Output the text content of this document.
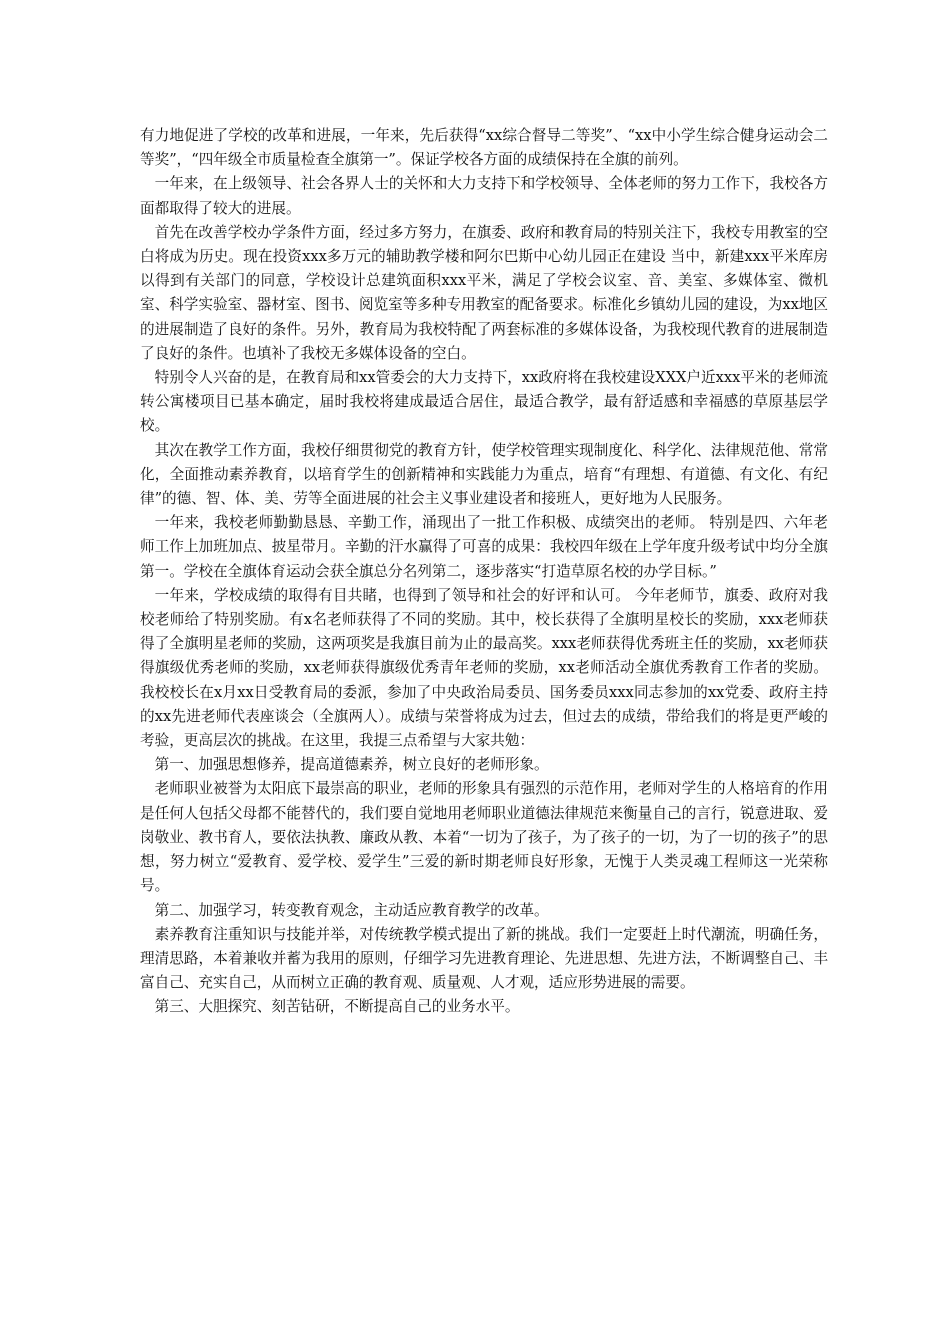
有力地促进了学校的改革和进展，一年来，先后获得“xx综合督导二等奖”、“xx中小学生综合健身运动会二等奖”，“四年级全市质量检查全旗第一”。保证学校各方面的成绩保持在全旗的前列。

一年来，在上级领导、社会各界人士的关怀和大力支持下和学校领导、全体老师的努力工作下，我校各方面都取得了较大的进展。

首先在改善学校办学条件方面，经过多方努力，在旗委、政府和教育局的特别关注下，我校专用教室的空白将成为历史。现在投资xxx多万元的辅助教学楼和阿尔巴斯中心幼儿园正在建设 当中，新建xxx平米库房以得到有关部门的同意，学校设计总建筑面积xxx平米，满足了学校会议室、音、美室、多媒体室、微机室、科学实验室、器材室、图书、阅览室等多种专用教室的配备要求。标准化乡镇幼儿园的建设，为xx地区的进展制造了良好的条件。另外，教育局为我校特配了两套标准的多媒体设备，为我校现代教育的进展制造了良好的条件。也填补了我校无多媒体设备的空白。

特别令人兴奋的是，在教育局和xx管委会的大力支持下，xx政府将在我校建设XXX户近xxx平米的老师流转公寓楼项目已基本确定，届时我校将建成最适合居住，最适合教学，最有舒适感和幸福感的草原基层学校。

其次在教学工作方面，我校仔细贯彻党的教育方针，使学校管理实现制度化、科学化、法律规范他、常常化，全面推动素养教育，以培育学生的创新精神和实践能力为重点，培育“有理想、有道德、有文化、有纪律”的德、智、体、美、劳等全面进展的社会主义事业建设者和接班人，更好地为人民服务。

一年来，我校老师勤勤恳恳、辛勤工作，涌现出了一批工作积极、成绩突出的老师。 特别是四、六年老师工作上加班加点、披星带月。辛勤的汗水赢得了可喜的成果：我校四年级在上学年度升级考试中均分全旗第一。学校在全旗体育运动会获全旗总分名列第二，逐步落实“打造草原名校的办学目标。”

一年来，学校成绩的取得有目共睹，也得到了领导和社会的好评和认可。 今年老师节，旗委、政府对我校老师给了特别奖励。有x名老师获得了不同的奖励。其中，校长获得了全旗明星校长的奖励，xxx老师获得了全旗明星老师的奖励，这两项奖是我旗目前为止的最高奖。xxx老师获得优秀班主任的奖励，xx老师获得旗级优秀老师的奖励，xx老师获得旗级优秀青年老师的奖励，xx老师活动全旗优秀教育工作者的奖励。我校校长在x月xx日受教育局的委派，参加了中央政治局委员、国务委员xxx同志参加的xx党委、政府主持的xx先进老师代表座谈会（全旗两人）。成绩与荣誉将成为过去，但过去的成绩，带给我们的将是更严峻的考验，更高层次的挑战。在这里，我提三点希望与大家共勉：

第一、加强思想修养，提高道德素养，树立良好的老师形象。

老师职业被誉为太阳底下最崇高的职业，老师的形象具有强烈的示范作用，老师对学生的人格培育的作用是任何人包括父母都不能替代的，我们要自觉地用老师职业道德法律规范来衡量自己的言行，锐意进取、爱岗敬业、教书育人，要依法执教、廉政从教、本着“一切为了孩子，为了孩子的一切，为了一切的孩子”的思想，努力树立“爱教育、爱学校、爱学生”三爱的新时期老师良好形象，无愧于人类灵魂工程师这一光荣称号。

第二、加强学习，转变教育观念，主动适应教育教学的改革。

素养教育注重知识与技能并举，对传统教学模式提出了新的挑战。我们一定要赶上时代潮流，明确任务，理清思路，本着兼收并蓄为我用的原则，仔细学习先进教育理论、先进思想、先进方法，不断调整自己、丰富自己、充实自己，从而树立正确的教育观、质量观、人才观，适应形势进展的需要。

第三、大胆探究、刻苦钻研，不断提高自己的业务水平。
